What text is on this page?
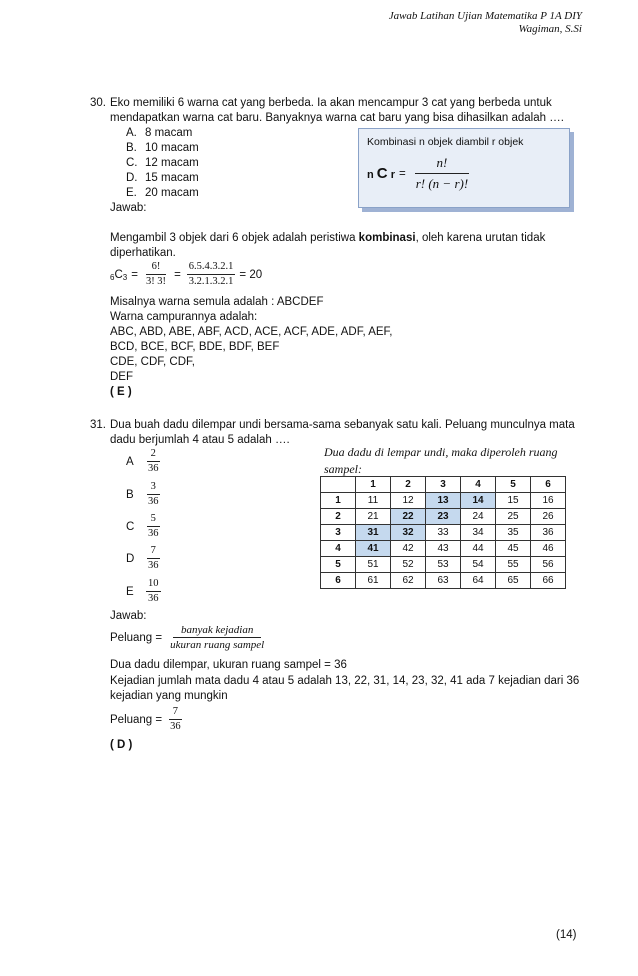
Jawab Latihan Ujian Matematika P 1A DIY
Wagiman, S.Si
30. Eko memiliki 6 warna cat yang berbeda. Ia akan mencampur 3 cat yang berbeda untuk
mendapatkan warna cat baru. Banyaknya warna cat baru yang bisa dihasilkan adalah ….
A. 8 macam
B. 10 macam
C. 12 macam
D. 15 macam
E. 20 macam
Jawab:
Kombinasi n objek diambil r objek
n C $r = \frac{n!}{r! (n - r)!}$
Mengambil 3 objek dari 6 objek adalah peristiwa kombinasi, oleh karena urutan tidak
diperhatikan.
6 C $3 = \frac{6!}{3! 3!} = \frac{6.5.4.3.2.1}{3.2.1.3.2.1} = 20$
Misalnya warna semula adalah : ABCDEF
Warna campurannya adalah:
ABC, ABD, ABE, ABF, ACD, ACE, ACF, ADE, ADF, AEF,
BCD, BCE, BCF, BDE, BDF, BEF
CDE, CDF, CDF,
DEF
( E )
31. Dua buah dadu dilempar undi bersama-sama sebanyak satu kali. Peluang munculnya mata
dadu berjumlah 4 atau 5 adalah ….
Dua dadu di lempar undi, maka diperoleh ruang
sampel:
A	$\frac{2}{36}$
B	$\frac{3}{36}$
C	$\frac{5}{36}$
D	$\frac{7}{36}$
E	$\frac{10}{36}$
	1	2	3	4	5	6
1	11	12	13	14	15	16
2	21	22	23	24	25	26
3	31	32	33	34	35	36
4	41	42	43	44	45	46
5	51	52	53	54	55	56
6	61	62	63	64	65	66
Jawab:
Peluang = $\frac{\text{banyak kejadian}}{\text{ukuran ruang sampel}}$
Dua dadu dilempar, ukuran ruang sampel = 36
Kejadian jumlah mata dadu 4 atau 5 adalah 13, 22, 31, 14, 23, 32, 41 ada 7 kejadian dari 36
kejadian yang mungkin
Peluang = $\frac{7}{36}$
( D )
(14)
